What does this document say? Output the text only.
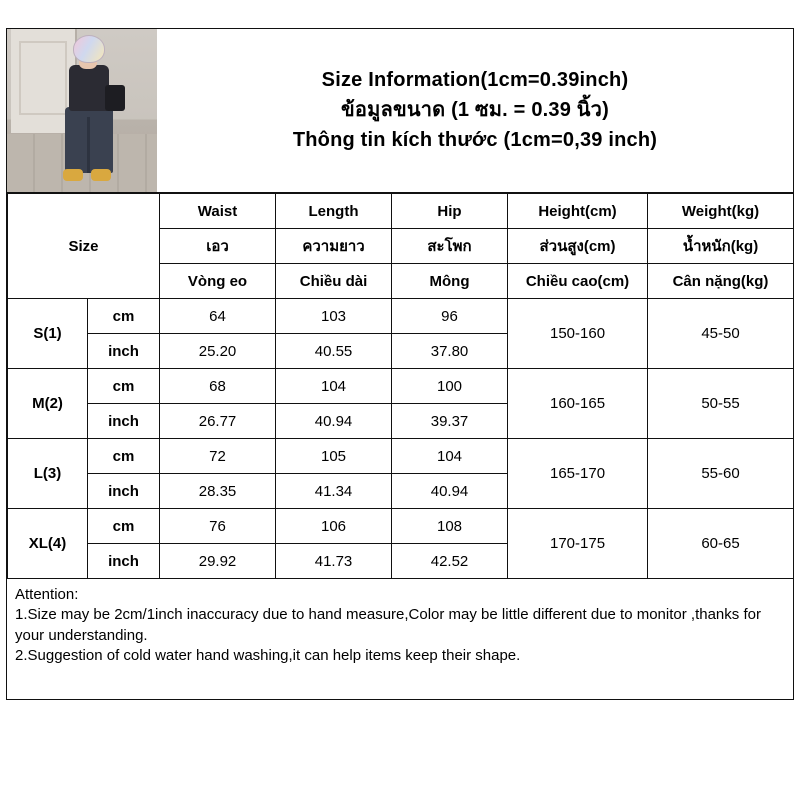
Size Information(1cm=0.39inch)
ข้อมูลขนาด (1 ซม. = 0.39 นิ้ว)
Thông tin kích thước (1cm=0,39 inch)
Size		Waist	Length	Hip	Height(cm)	Weight(kg)
		เอว	ความยาว	สะโพก	ส่วนสูง(cm)	น้ำหนัก(kg)
		Vòng eo	Chiều dài	Mông	Chiều cao(cm)	Cân nặng(kg)
S(1)	cm	64	103	96	150-160	45-50
	inch	25.20	40.55	37.80		
M(2)	cm	68	104	100	160-165	50-55
	inch	26.77	40.94	39.37		
L(3)	cm	72	105	104	165-170	55-60
	inch	28.35	41.34	40.94		
XL(4)	cm	76	106	108	170-175	60-65
	inch	29.92	41.73	42.52		
Attention:
1.Size may be 2cm/1inch inaccuracy due to hand measure,Color may be little different due to monitor ,thanks for your understanding.
2.Suggestion of cold water hand washing,it can help items keep their shape.
